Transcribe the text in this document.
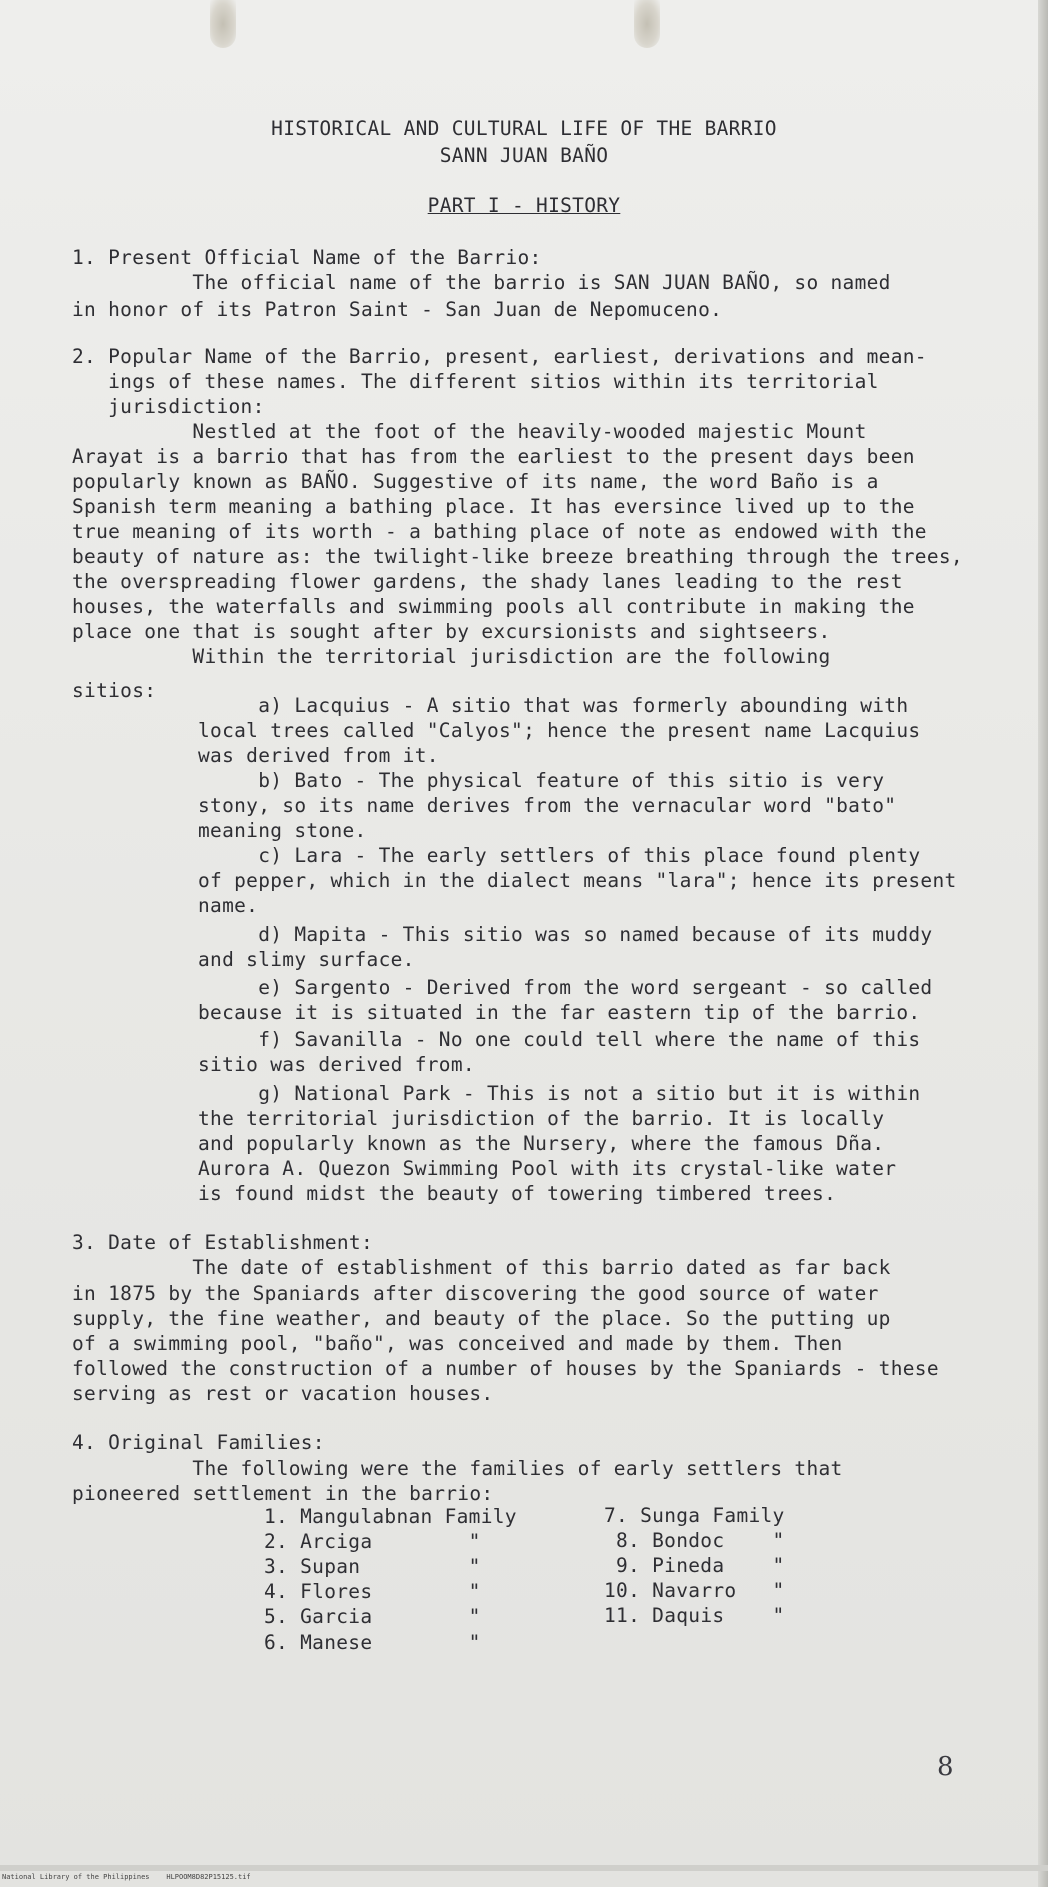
HISTORICAL AND CULTURAL LIFE OF THE BARRIO
SANN JUAN BAÑO
PART I - HISTORY
1. Present Official Name of the Barrio:
The official name of the barrio is SAN JUAN BAÑO, so named
in honor of its Patron Saint - San Juan de Nepomuceno.
2. Popular Name of the Barrio, present, earliest, derivations and mean-
ings of these names. The different sitios within its territorial
jurisdiction:
Nestled at the foot of the heavily-wooded majestic Mount
Arayat is a barrio that has from the earliest to the present days been
popularly known as BAÑO. Suggestive of its name, the word Baño is a
Spanish term meaning a bathing place. It has eversince lived up to the
true meaning of its worth - a bathing place of note as endowed with the
beauty of nature as: the twilight-like breeze breathing through the trees,
the overspreading flower gardens, the shady lanes leading to the rest
houses, the waterfalls and swimming pools all contribute in making the
place one that is sought after by excursionists and sightseers.
Within the territorial jurisdiction are the following
sitios:
a) Lacquius - A sitio that was formerly abounding with
local trees called "Calyos"; hence the present name Lacquius
was derived from it.
b) Bato - The physical feature of this sitio is very
stony, so its name derives from the vernacular word "bato"
meaning stone.
c) Lara - The early settlers of this place found plenty
of pepper, which in the dialect means "lara"; hence its present
name.
d) Mapita - This sitio was so named because of its muddy
and slimy surface.
e) Sargento - Derived from the word sergeant - so called
because it is situated in the far eastern tip of the barrio.
f) Savanilla - No one could tell where the name of this
sitio was derived from.
g) National Park - This is not a sitio but it is within
the territorial jurisdiction of the barrio. It is locally
and popularly known as the Nursery, where the famous Dña.
Aurora A. Quezon Swimming Pool with its crystal-like water
is found midst the beauty of towering timbered trees.
3. Date of Establishment:
The date of establishment of this barrio dated as far back
in 1875 by the Spaniards after discovering the good source of water
supply, the fine weather, and beauty of the place. So the putting up
of a swimming pool, "baño", was conceived and made by them. Then
followed the construction of a number of houses by the Spaniards - these
serving as rest or vacation houses.
4. Original Families:
The following were the families of early settlers that
pioneered settlement in the barrio:
1. Mangulabnan Family
2. Arciga        "
3. Supan         "
4. Flores        "
5. Garcia        "
6. Manese        "
7. Sunga Family
8. Bondoc    "
9. Pineda    "
10. Navarro   "
11. Daquis    "
8
National Library of the Philippines    HLPOOM8D82P15125.tif
